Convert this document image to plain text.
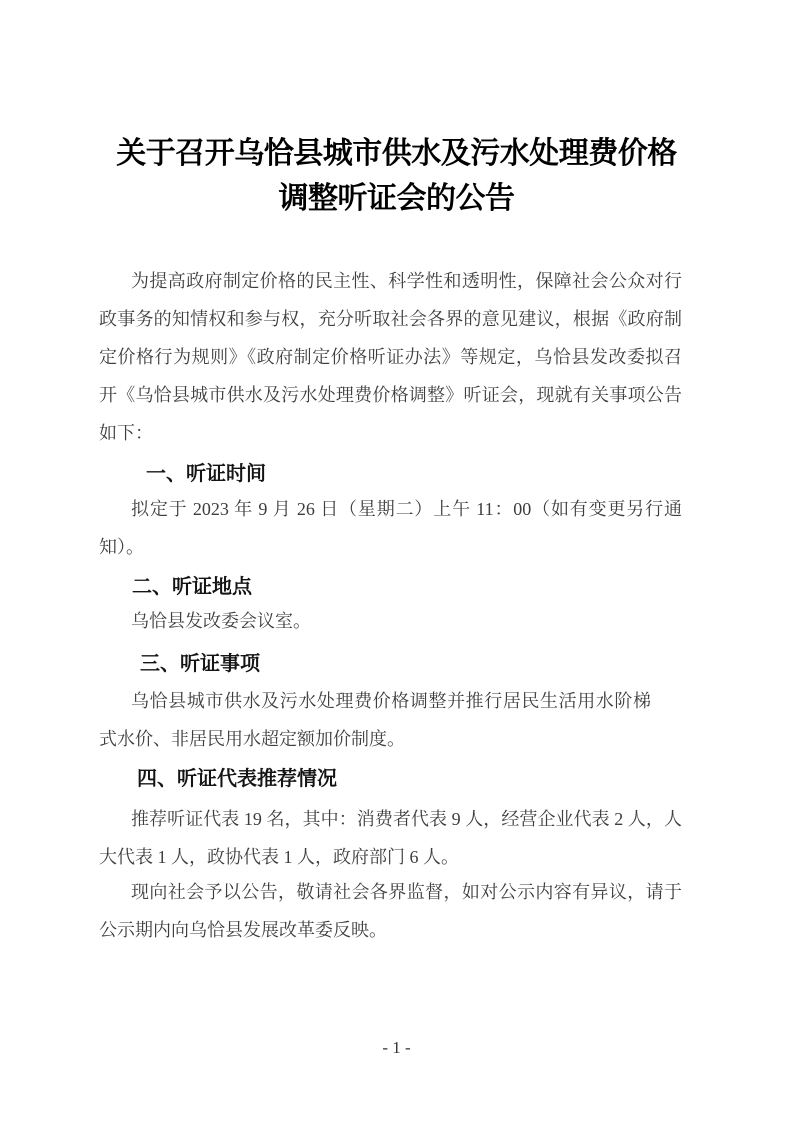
关于召开乌恰县城市供水及污水处理费价格
调整听证会的公告

为提高政府制定价格的民主性、科学性和透明性，保障社会公众对行政事务的知情权和参与权，充分听取社会各界的意见建议，根据《政府制定价格行为规则》《政府制定价格听证办法》等规定，乌恰县发改委拟召开《乌恰县城市供水及污水处理费价格调整》听证会，现就有关事项公告如下：

一、听证时间

拟定于 2023 年 9 月 26 日（星期二）上午 11：00（如有变更另行通知）。

二、听证地点

乌恰县发改委会议室。

三、听证事项

乌恰县城市供水及污水处理费价格调整并推行居民生活用水阶梯式水价、非居民用水超定额加价制度。

四、听证代表推荐情况

推荐听证代表 19 名，其中：消费者代表 9 人，经营企业代表 2 人，人大代表 1 人，政协代表 1 人，政府部门 6 人。

现向社会予以公告，敬请社会各界监督，如对公示内容有异议，请于公示期内向乌恰县发展改革委反映。

- 1 -
